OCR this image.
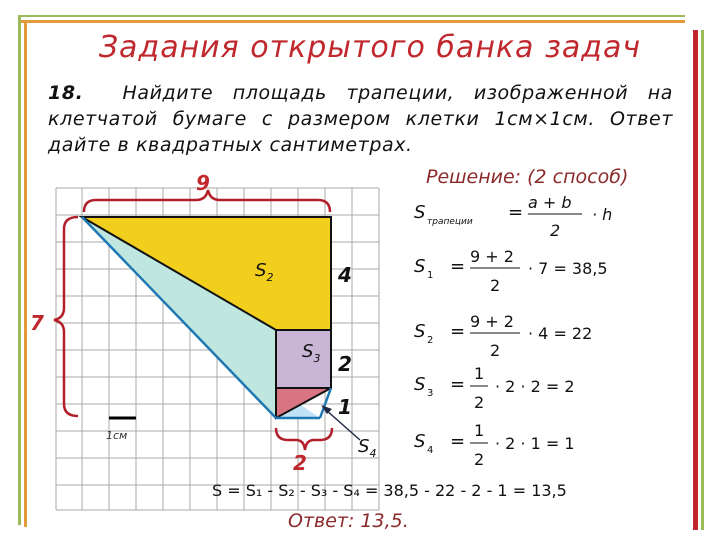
Задания открытого банка задач
18. Найдите площадь трапеции, изображенной на клетчатой бумаге с размером клетки 1см×1см. Ответ дайте в квадратных сантиметрах.
Решение: (2 способ)
1см
9
7
2
4
2
1
$S_2$
$S_3$
$S_4$
S трапеции = a + b
2
· h
S 1 = 9 + 2
2
· 7 = 38,5
S 2 = 9 + 2
2
· 4 = 22
S 3 =
1
2
· 2 · 2 = 2
S 4 =
1
2
· 2 · 1 = 1
S = S₁ - S₂ - S₃ - S₄ = 38,5 - 22 - 2 - 1 = 13,5
Ответ: 13,5.
